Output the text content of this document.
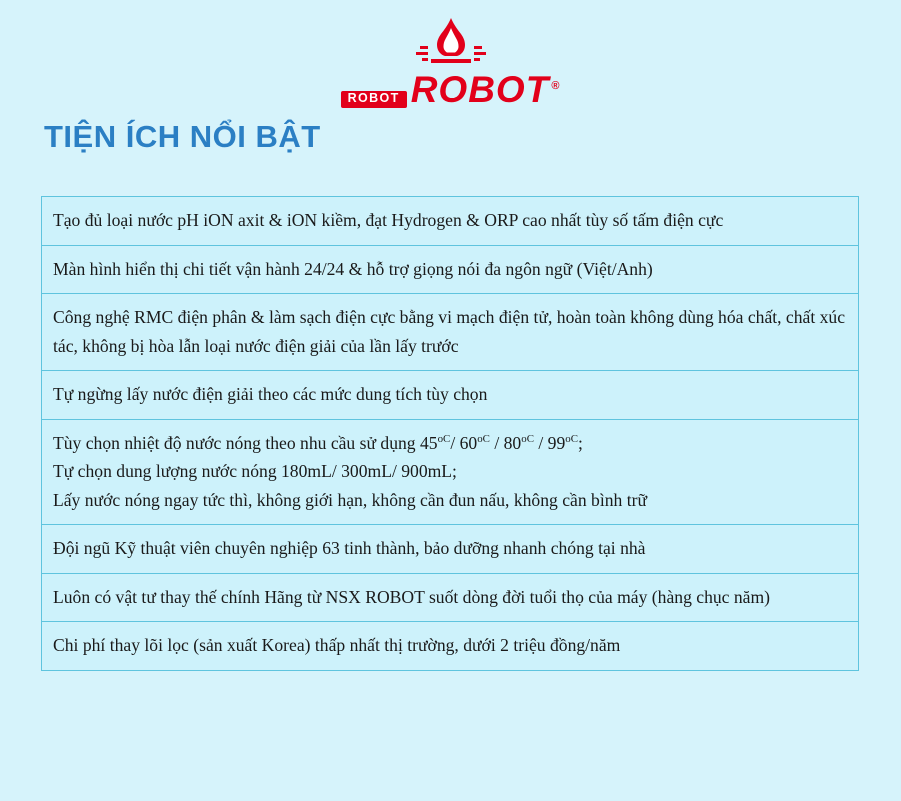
ROBOT ROBOT ®
TIỆN ÍCH NỔI BẬT

Tạo đủ loại nước pH iON axit & iON kiềm, đạt Hydrogen & ORP cao nhất tùy số tấm điện cực

Màn hình hiển thị chi tiết vận hành 24/24 & hỗ trợ giọng nói đa ngôn ngữ (Việt/Anh)

Công nghệ RMC điện phân & làm sạch điện cực bằng vi mạch điện tử, hoàn toàn không dùng hóa chất, chất xúc tác, không bị hòa lẫn loại nước điện giải của lần lấy trước

Tự ngừng lấy nước điện giải theo các mức dung tích tùy chọn

Tùy chọn nhiệt độ nước nóng theo nhu cầu sử dụng $45^{oC}/$ $60^{oC} / 80^{oC} / 99^{oC}$;

Tự chọn dung lượng nước nóng 180mL/ 300mL/ 900mL;

Lấy nước nóng ngay tức thì, không giới hạn, không cần đun nấu, không cần bình trữ

Đội ngũ Kỹ thuật viên chuyên nghiệp 63 tinh thành, bảo dưỡng nhanh chóng tại nhà

Luôn có vật tư thay thế chính Hãng từ NSX ROBOT suốt dòng đời tuổi thọ của máy (hàng chục năm)

Chi phí thay lõi lọc (sản xuất Korea) thấp nhất thị trường, dưới 2 triệu đồng/năm
